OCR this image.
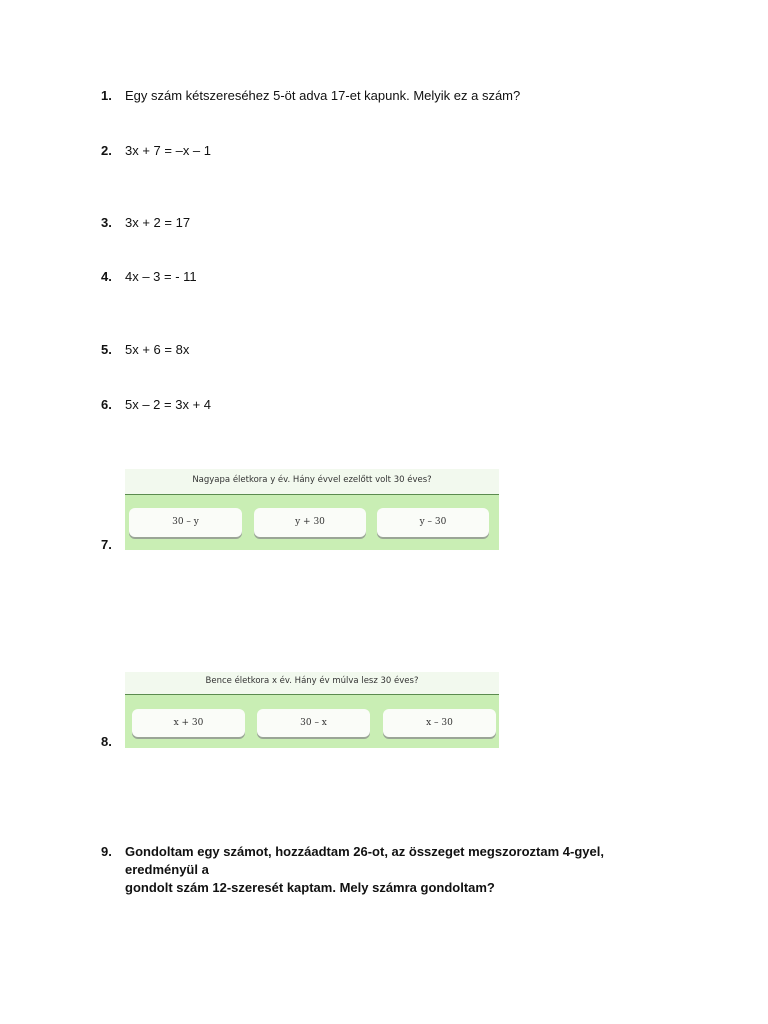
1. Egy szám kétszereséhez 5-öt adva 17-et kapunk. Melyik ez a szám?
2. 3x + 7 = –x – 1
3. 3x + 2 = 17
4. 4x – 3 = - 11
5. 5x + 6 = 8x
6. 5x – 2 = 3x + 4
7.
Nagyapa életkora y év. Hány évvel ezelőtt volt 30 éves?
30 – y	y + 30	y – 30
8.
Bence életkora x év. Hány év múlva lesz 30 éves?
x + 30	30 – x	x – 30
9.	Gondoltam egy számot, hozzáadtam 26-ot, az összeget megszoroztam 4-gyel, eredményül a
gondolt szám 12-szeresét kaptam. Mely számra gondoltam?
